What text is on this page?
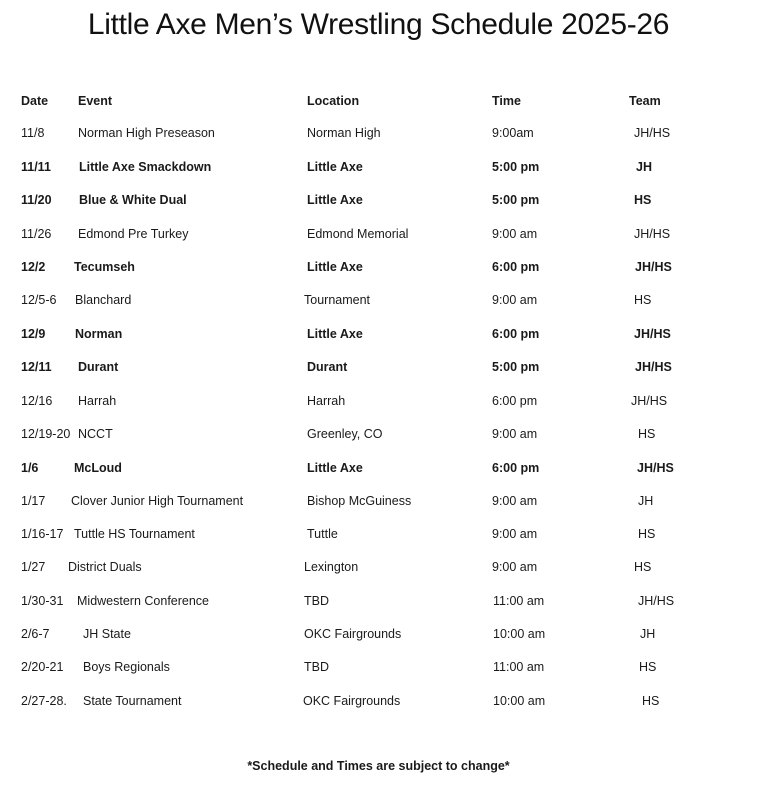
Little Axe Men’s Wrestling Schedule 2025-26
Date Event	Location	Time	Team
11/8	Norman High Preseason	Norman High	9:00am	JH/HS
11/11 Little Axe Smackdown	Little Axe	5:00 pm	JH
11/20 Blue & White Dual	Little Axe	5:00 pm	HS
11/26 Edmond Pre Turkey	Edmond Memorial	9:00 am	JH/HS
12/2 Tecumseh	Little Axe	6:00 pm	JH/HS
12/5-6 Blanchard	Tournament	9:00 am	HS
12/9 Norman	Little Axe	6:00 pm	JH/HS
12/11 Durant	Durant	5:00 pm	JH/HS
12/16 Harrah	Harrah	6:00 pm	JH/HS
12/19-20 NCCT	Greenley, CO	9:00 am	HS
1/6	McLoud	Little Axe	6:00 pm	JH/HS
1/17 Clover Junior High Tournament	Bishop McGuiness	9:00 am	JH
1/16-17 Tuttle HS Tournament	Tuttle	9:00 am	HS
1/27 District Duals	Lexington	9:00 am	HS
1/30-31 Midwestern Conference	TBD	11:00 am	JH/HS
2/6-7	JH State	OKC Fairgrounds	10:00 am	JH
2/20-21 Boys Regionals	TBD	11:00 am	HS
2/27-28. State Tournament	OKC Fairgrounds	10:00 am	HS
*Schedule and Times are subject to change*
